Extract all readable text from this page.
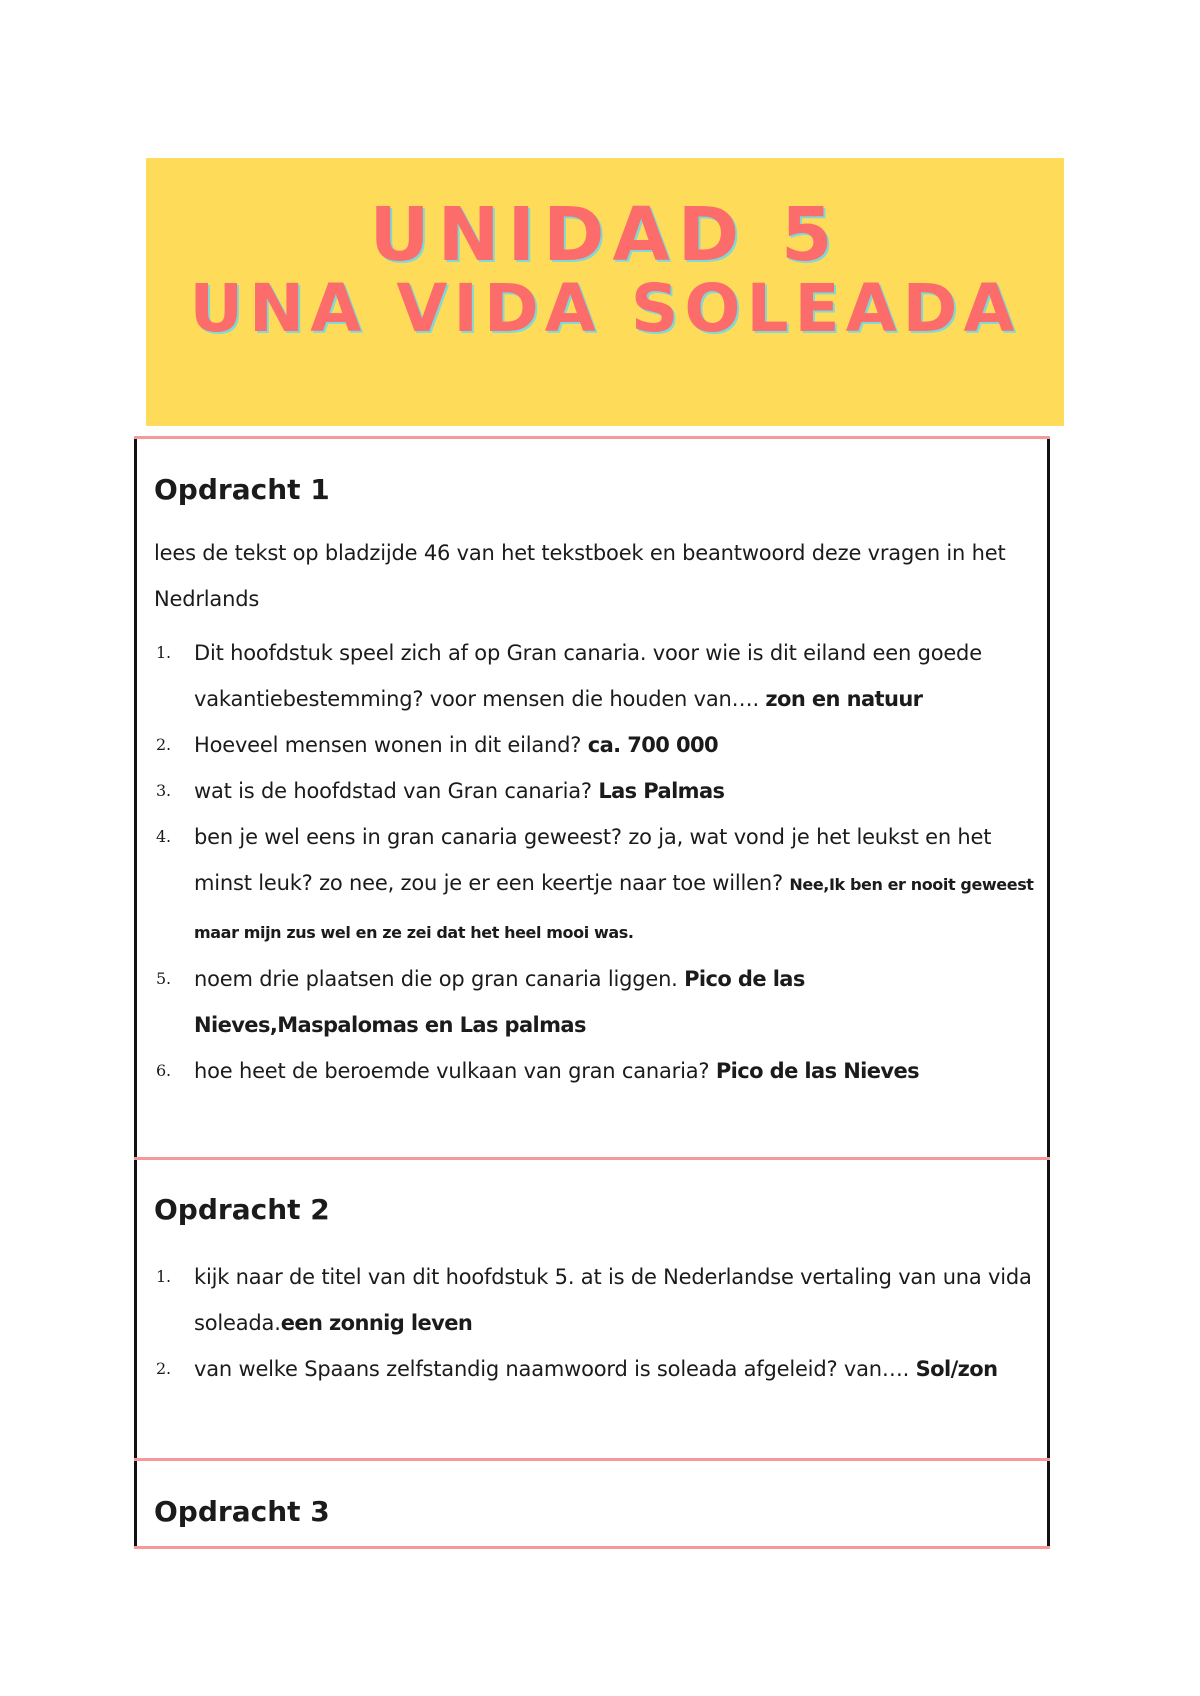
UNIDAD 5
UNA VIDA SOLEADA
Opdracht 1

lees de tekst op bladzijde 46 van het tekstboek en beantwoord deze vragen in het Nedrlands

1. Dit hoofdstuk speel zich af op Gran canaria. voor wie is dit eiland een goede vakantiebestemming? voor mensen die houden van…. zon en natuur
2. Hoeveel mensen wonen in dit eiland? ca. 700 000
3. wat is de hoofdstad van Gran canaria? Las Palmas
4. ben je wel eens in gran canaria geweest? zo ja, wat vond je het leukst en het minst leuk? zo nee, zou je er een keertje naar toe willen? Nee,Ik ben er nooit geweest maar mijn zus wel en ze zei dat het heel mooi was.
5. noem drie plaatsen die op gran canaria liggen. Pico de las Nieves,Maspalomas en Las palmas
6. hoe heet de beroemde vulkaan van gran canaria? Pico de las Nieves
Opdracht 2
1. kijk naar de titel van dit hoofdstuk 5. at is de Nederlandse vertaling van una vida soleada.een zonnig leven
2. van welke Spaans zelfstandig naamwoord is soleada afgeleid? van…. Sol/zon
Opdracht 3
